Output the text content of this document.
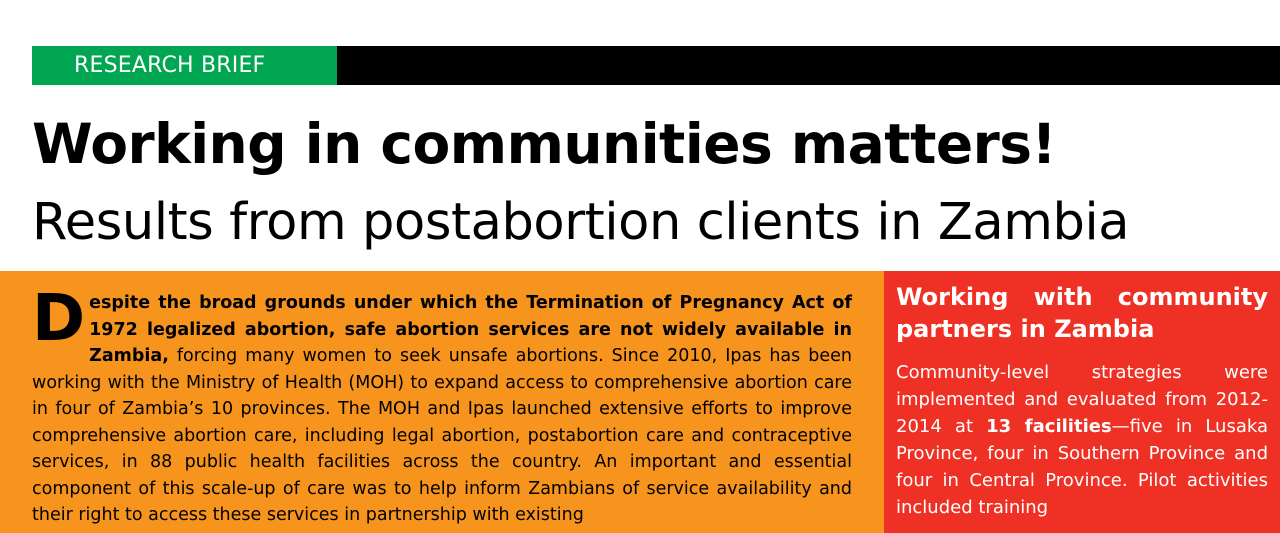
RESEARCH BRIEF
Working in communities matters!
Results from postabortion clients in Zambia

Despite the broad grounds under which the Termination of Pregnancy Act of 1972 legalized abortion, safe abortion services are not widely available in Zambia, forcing many women to seek unsafe abortions. Since 2010, Ipas has been working with the Ministry of Health (MOH) to expand access to comprehensive abortion care in four of Zambia’s 10 provinces. The MOH and Ipas launched extensive efforts to improve comprehensive abortion care, including legal abortion, postabortion care and contraceptive services, in 88 public health facilities across the country. An important and essential component of this scale-up of care was to help inform Zambians of service availability and their right to access these services in partnership with existing

Working with community partners in Zambia

Community-level strategies were implemented and evaluated from 2012-2014 at 13 facilities—five in Lusaka Province, four in Southern Province and four in Central Province. Pilot activities included training
